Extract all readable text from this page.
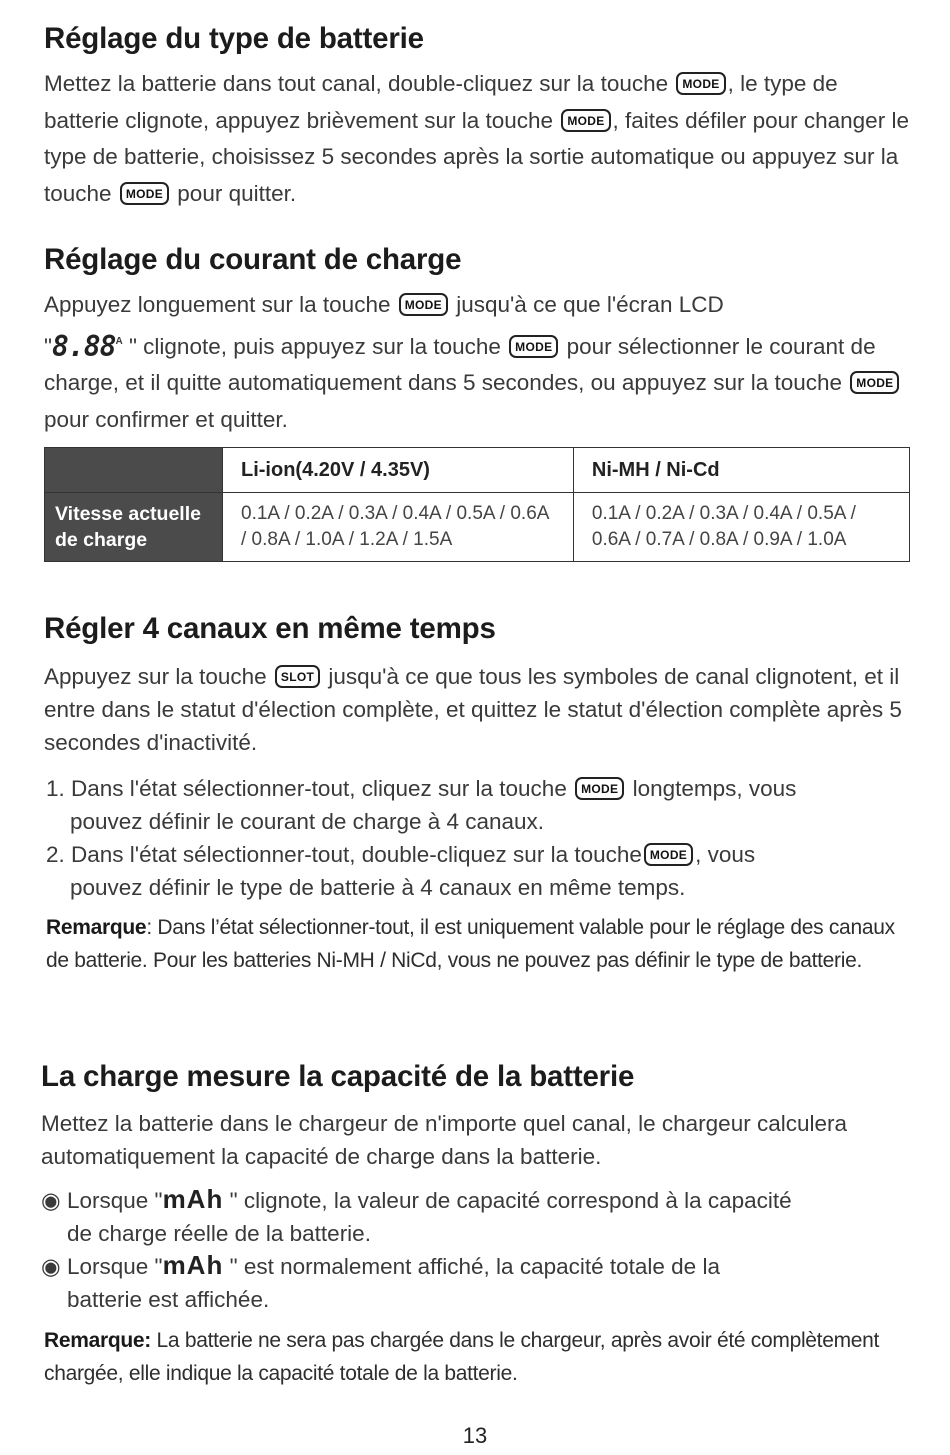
Réglage du type de batterie

Mettez la batterie dans tout canal, double-cliquez sur la touche MODE , le type de batterie clignote, appuyez brièvement sur la touche MODE , faites défiler pour changer le type de batterie, choisissez 5 secondes après la sortie automatique ou appuyez sur la touche MODE pour quitter.

Réglage du courant de charge

Appuyez longuement sur la touche MODE jusqu'à ce que l'écran LCD
"$8.88^A$ " clignote, puis appuyez sur la touche MODE pour sélectionner le courant de charge, et il quitte automatiquement dans 5 secondes, ou appuyez sur la touche MODE pour confirmer et quitter.

	Li-ion(4.20V / 4.35V)	Ni-MH / Ni-Cd
Vitesse actuelle de charge	0.1A / 0.2A / 0.3A / 0.4A / 0.5A / 0.6A / 0.8A / 1.0A / 1.2A / 1.5A	0.1A / 0.2A / 0.3A / 0.4A / 0.5A / 0.6A / 0.7A / 0.8A / 0.9A / 1.0A
Régler 4 canaux en même temps

Appuyez sur la touche SLOT jusqu'à ce que tous les symboles de canal clignotent, et il entre dans le statut d'élection complète, et quittez le statut d'élection complète après 5 secondes d'inactivité.

1. Dans l'état sélectionner-tout, cliquez sur la touche MODE longtemps, vous
pouvez définir le courant de charge à 4 canaux.

2. Dans l'état sélectionner-tout, double-cliquez sur la touche MODE , vous
pouvez définir le type de batterie à 4 canaux en même temps.

Remarque: Dans l’état sélectionner-tout, il est uniquement valable pour le réglage des canaux de batterie. Pour les batteries Ni-MH / NiCd, vous ne pouvez pas définir le type de batterie.

La charge mesure la capacité de la batterie

Mettez la batterie dans le chargeur de n'importe quel canal, le chargeur calculera automatiquement la capacité de charge dans la batterie.

◉ Lorsque "mAh " clignote, la valeur de capacité correspond à la capacité
de charge réelle de la batterie.

◉ Lorsque "mAh " est normalement affiché, la capacité totale de la
batterie est affichée.

Remarque: La batterie ne sera pas chargée dans le chargeur, après avoir été complètement chargée, elle indique la capacité totale de la batterie.

13
